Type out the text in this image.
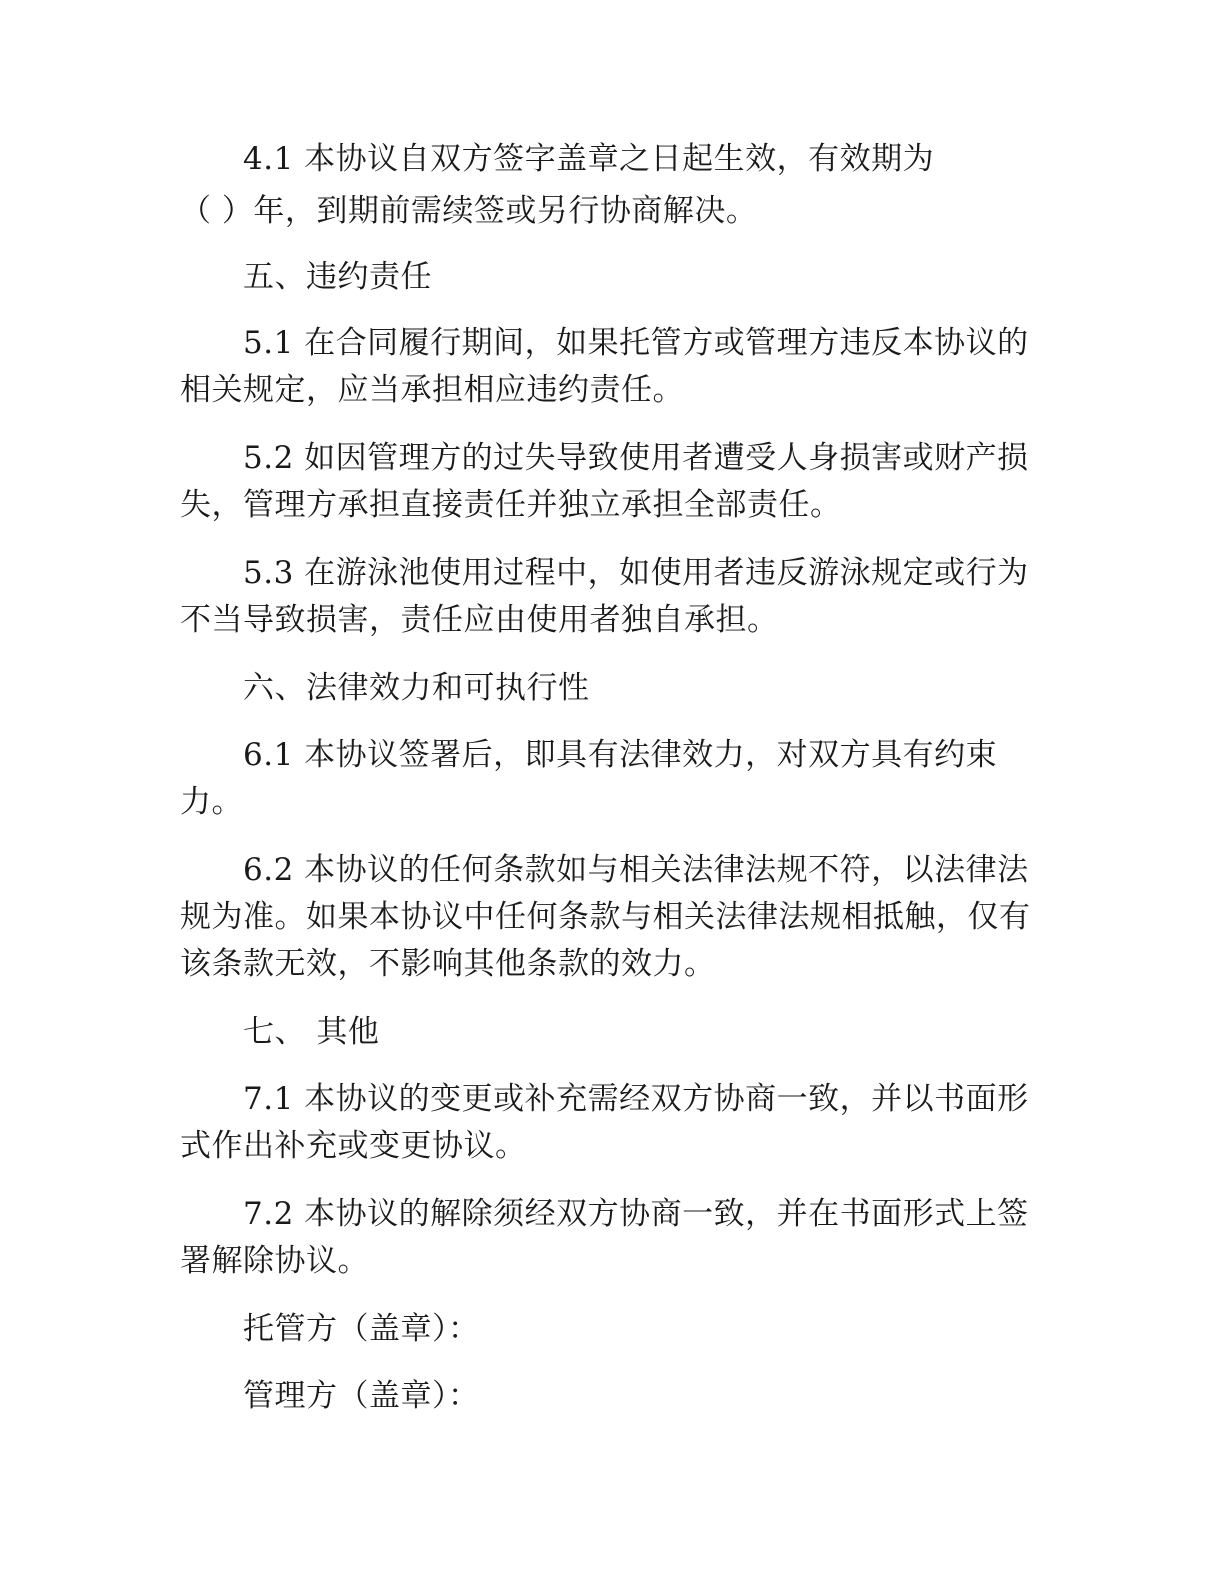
4.1 本协议自双方签字盖章之日起生效，有效期为
（ ）年，到期前需续签或另行协商解决。
五、违约责任
5.1 在合同履行期间，如果托管方或管理方违反本协议的
相关规定，应当承担相应违约责任。
5.2 如因管理方的过失导致使用者遭受人身损害或财产损
失，管理方承担直接责任并独立承担全部责任。
5.3 在游泳池使用过程中，如使用者违反游泳规定或行为
不当导致损害，责任应由使用者独自承担。
六、法律效力和可执行性
6.1 本协议签署后，即具有法律效力，对双方具有约束
力。
6.2 本协议的任何条款如与相关法律法规不符，以法律法
规为准。如果本协议中任何条款与相关法律法规相抵触，仅有
该条款无效，不影响其他条款的效力。
七、 其他
7.1 本协议的变更或补充需经双方协商一致，并以书面形
式作出补充或变更协议。
7.2 本协议的解除须经双方协商一致，并在书面形式上签
署解除协议。
托管方（盖章）：
管理方（盖章）：
